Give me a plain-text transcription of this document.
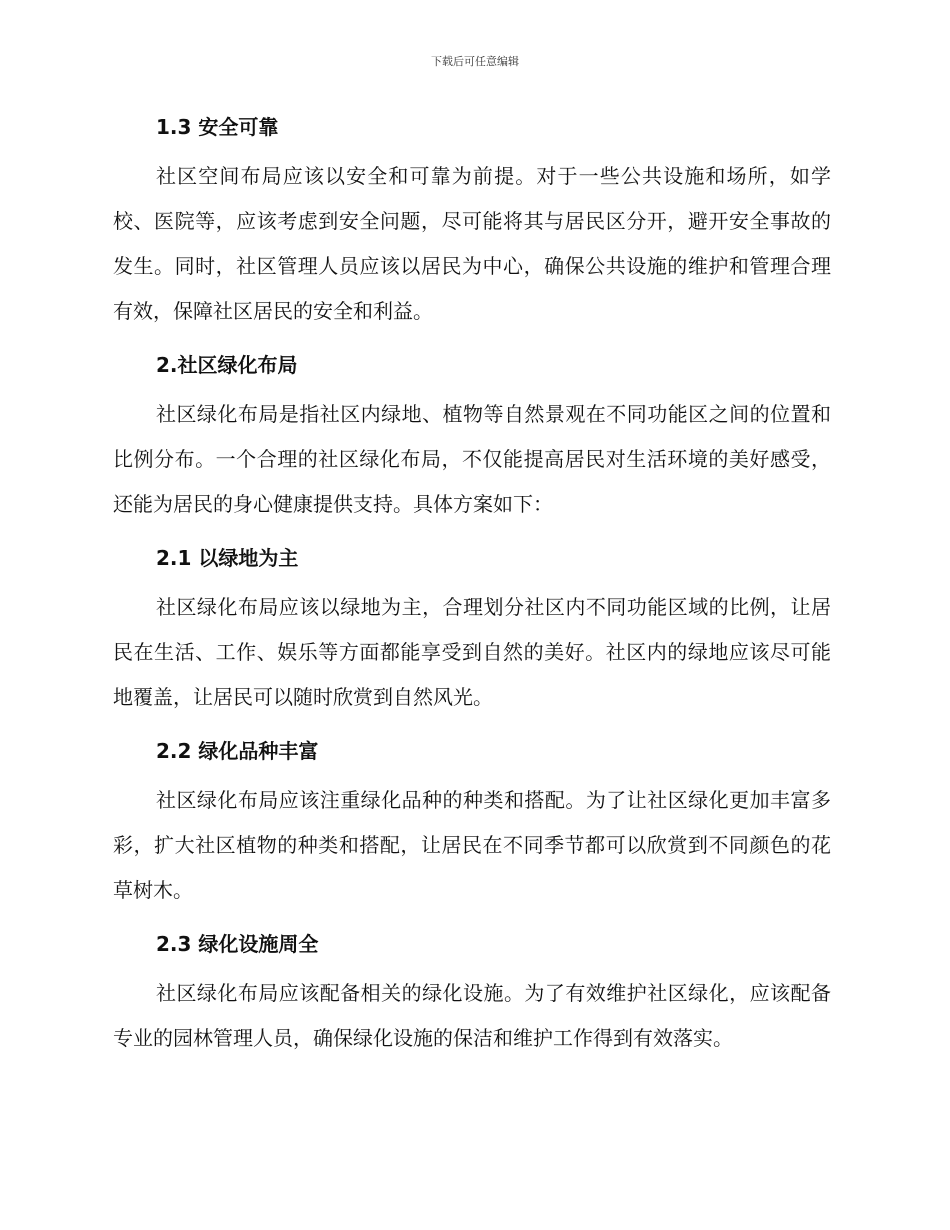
下载后可任意编辑
1.3 安全可靠

社区空间布局应该以安全和可靠为前提。对于一些公共设施和场所，如学校、医院等，应该考虑到安全问题，尽可能将其与居民区分开，避开安全事故的发生。同时，社区管理人员应该以居民为中心，确保公共设施的维护和管理合理有效，保障社区居民的安全和利益。

2.社区绿化布局

社区绿化布局是指社区内绿地、植物等自然景观在不同功能区之间的位置和比例分布。一个合理的社区绿化布局，不仅能提高居民对生活环境的美好感受，还能为居民的身心健康提供支持。具体方案如下：

2.1 以绿地为主

社区绿化布局应该以绿地为主，合理划分社区内不同功能区域的比例，让居民在生活、工作、娱乐等方面都能享受到自然的美好。社区内的绿地应该尽可能地覆盖，让居民可以随时欣赏到自然风光。

2.2 绿化品种丰富

社区绿化布局应该注重绿化品种的种类和搭配。为了让社区绿化更加丰富多彩，扩大社区植物的种类和搭配，让居民在不同季节都可以欣赏到不同颜色的花草树木。

2.3 绿化设施周全

社区绿化布局应该配备相关的绿化设施。为了有效维护社区绿化，应该配备专业的园林管理人员，确保绿化设施的保洁和维护工作得到有效落实。
